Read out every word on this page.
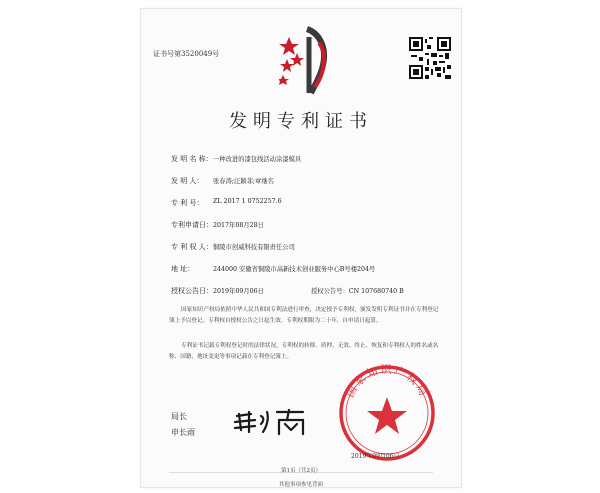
证书号第3520049号
发明专利证书
发 明 名 称： 一种改进的漆包线活动涂漆模具
发 明 人： 张春涛;汪颖菲;章继名
专 利 号： ZL 2017 1 0752257.6
专利申请日： 2017年08月28日
专 利 权 人： 铜陵市创威科技有限责任公司
地 址：	244000 安徽省铜陵市高新技术创业服务中心B号楼204号
授权公告日： 2019年09月06日	授权公告号：CN 107680740 B
国家知识产权局依照中华人民共和国专利法进行审查，决定授予专利权，颁发发明专利证书并在专利登记簿上予以登记。专利权自授权公告之日起生效。专利权期限为二十年，自申请日起算。
专利证书记载专利权登记时的法律状况。专利权的转移、质押、无效、终止、恢复和专利权人的姓名或名称、国籍、地址变更等事项记载在专利登记簿上。
局长
申长雨
国家知识产权局
2019年09月06日
第1页（共2页）
其他事项参见背面
